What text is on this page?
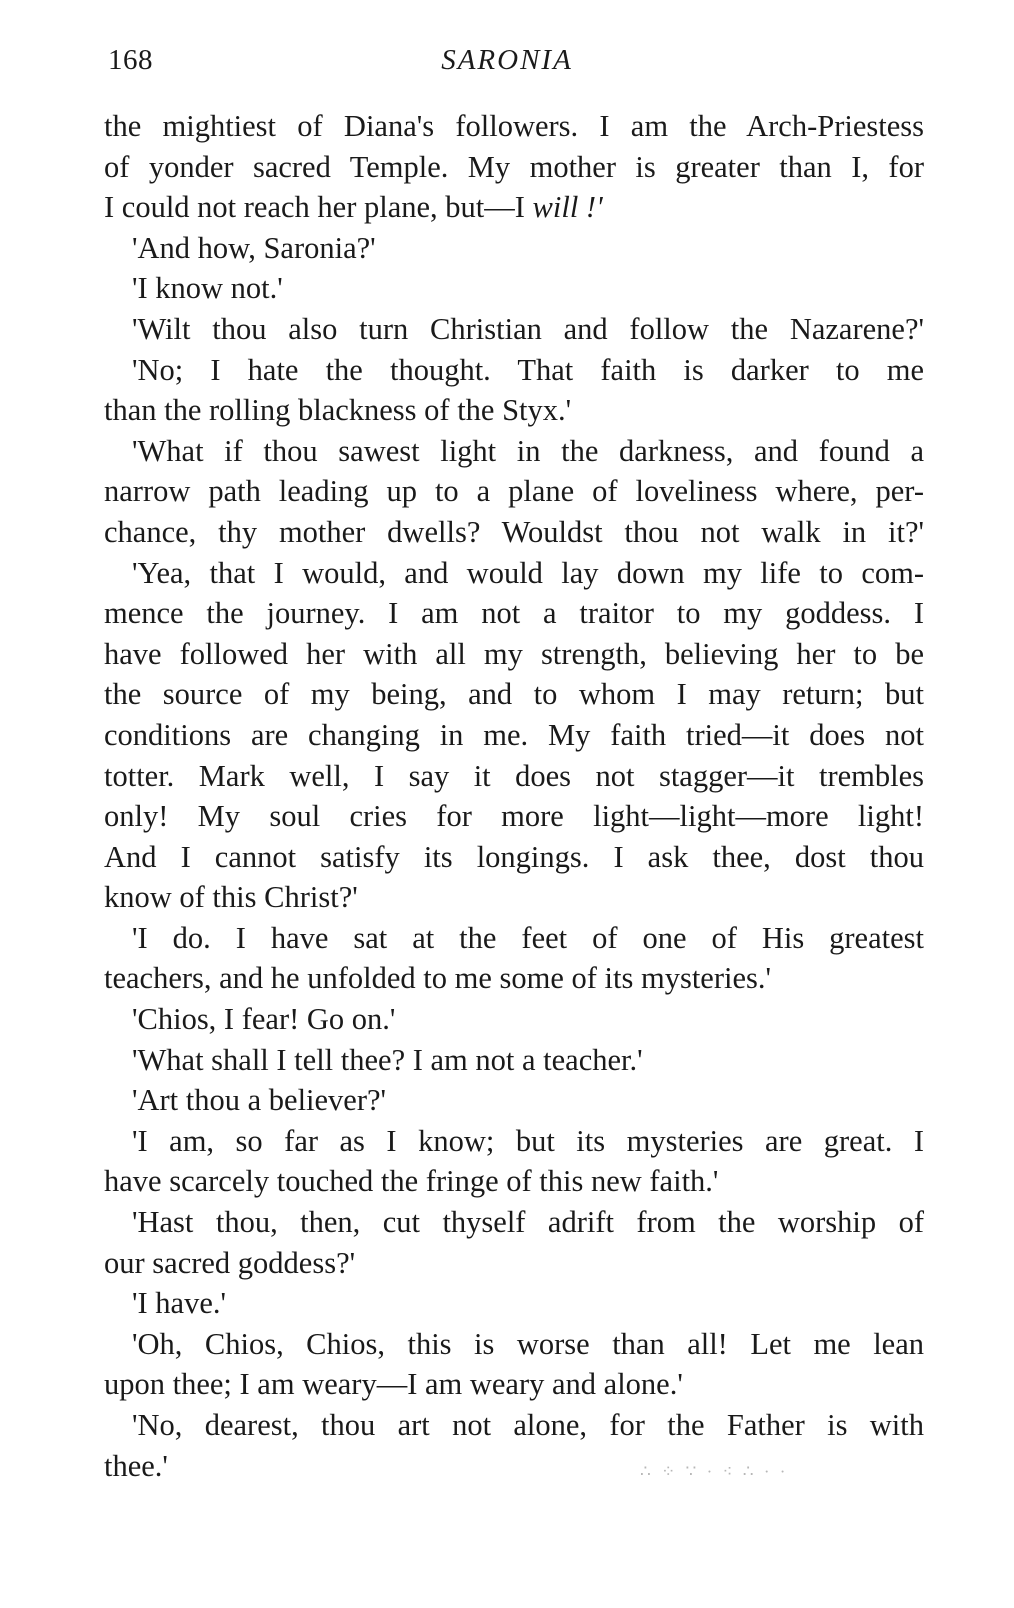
168	SARONIA
the mightiest of Diana's followers. I am the Arch-Priestess
of yonder sacred Temple. My mother is greater than I, for
I could not reach her plane, but—I will !'
'And how, Saronia?'
'I know not.'
'Wilt thou also turn Christian and follow the Nazarene?'
'No; I hate the thought. That faith is darker to me
than the rolling blackness of the Styx.'
'What if thou sawest light in the darkness, and found a
narrow path leading up to a plane of loveliness where, per-
chance, thy mother dwells? Wouldst thou not walk in it?'
'Yea, that I would, and would lay down my life to com-
mence the journey. I am not a traitor to my goddess. I
have followed her with all my strength, believing her to be
the source of my being, and to whom I may return; but
conditions are changing in me. My faith tried—it does not
totter. Mark well, I say it does not stagger—it trembles
only! My soul cries for more light—light—more light!
And I cannot satisfy its longings. I ask thee, dost thou
know of this Christ?'
'I do. I have sat at the feet of one of His greatest
teachers, and he unfolded to me some of its mysteries.'
'Chios, I fear! Go on.'
'What shall I tell thee? I am not a teacher.'
'Art thou a believer?'
'I am, so far as I know; but its mysteries are great. I
have scarcely touched the fringe of this new faith.'
'Hast thou, then, cut thyself adrift from the worship of
our sacred goddess?'
'I have.'
'Oh, Chios, Chios, this is worse than all! Let me lean
upon thee; I am weary—I am weary and alone.'
'No, dearest, thou art not alone, for the Father is with
thee.'	∴ ⁘ ∵ · ⁖ ∴ · ·
